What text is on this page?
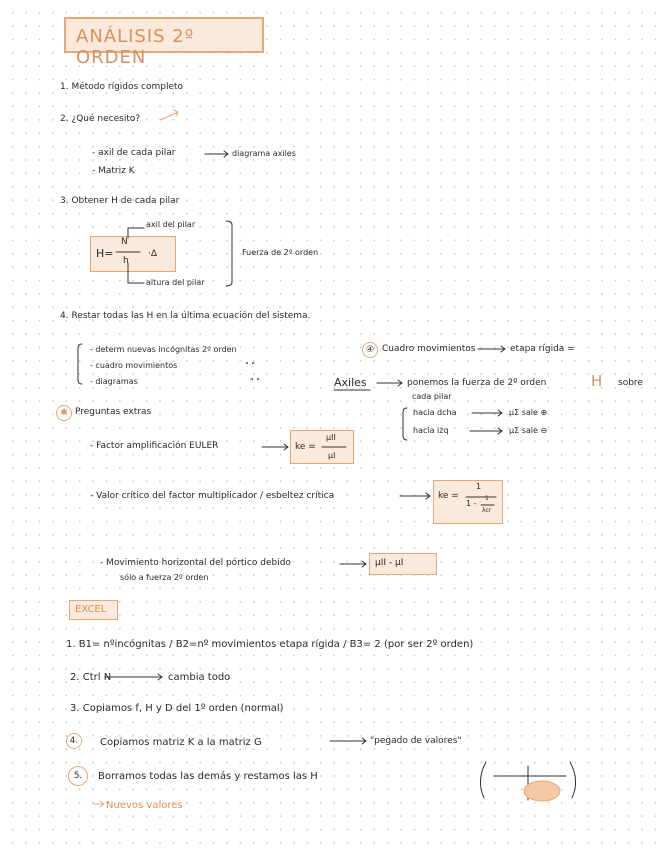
ANÁLISIS 2º ORDEN
1. Método rígidos completo
2. ¿Qué necesito?
- axil de cada pilar	diagrama axiles
- Matriz K
3. Obtener H de cada pilar
axil del pilar
H=
N
h
·Δ
altura del pilar
Fuerza de 2º orden
4. Restar todas las H en la última ecuación del sistema.
- determ nuevas incógnitas 2º orden
- cuadro movimientos
- diagramas
" "
" "
④ Cuadro movimientos	etapa rígida =
Axiles	ponemos la fuerza de 2º orden	H sobre
cada pilar
hacia dcha	μΣ sale ⊕
hacia izq	μΣ sale ⊖
✱ Preguntas extras
- Factor amplificación EULER	ke =
μII
μI
- Valor crítico del factor multiplicador / esbeltez crítica	ke =
1
1 -
1
λcr
- Movimiento horizontal del pórtico debido
sólo a fuerza 2º orden
μII - μI
EXCEL
1. B1= nºincógnitas / B2=nº movimientos etapa rígida / B3= 2 (por ser 2º orden)
2. Ctrl N	cambia todo
3. Copiamos f, H y D del 1º orden (normal)
4.	Copiamos matriz K a la matriz G	"pegado de valores"
5.	Borramos todas las demás y restamos las H
Nuevos valores
